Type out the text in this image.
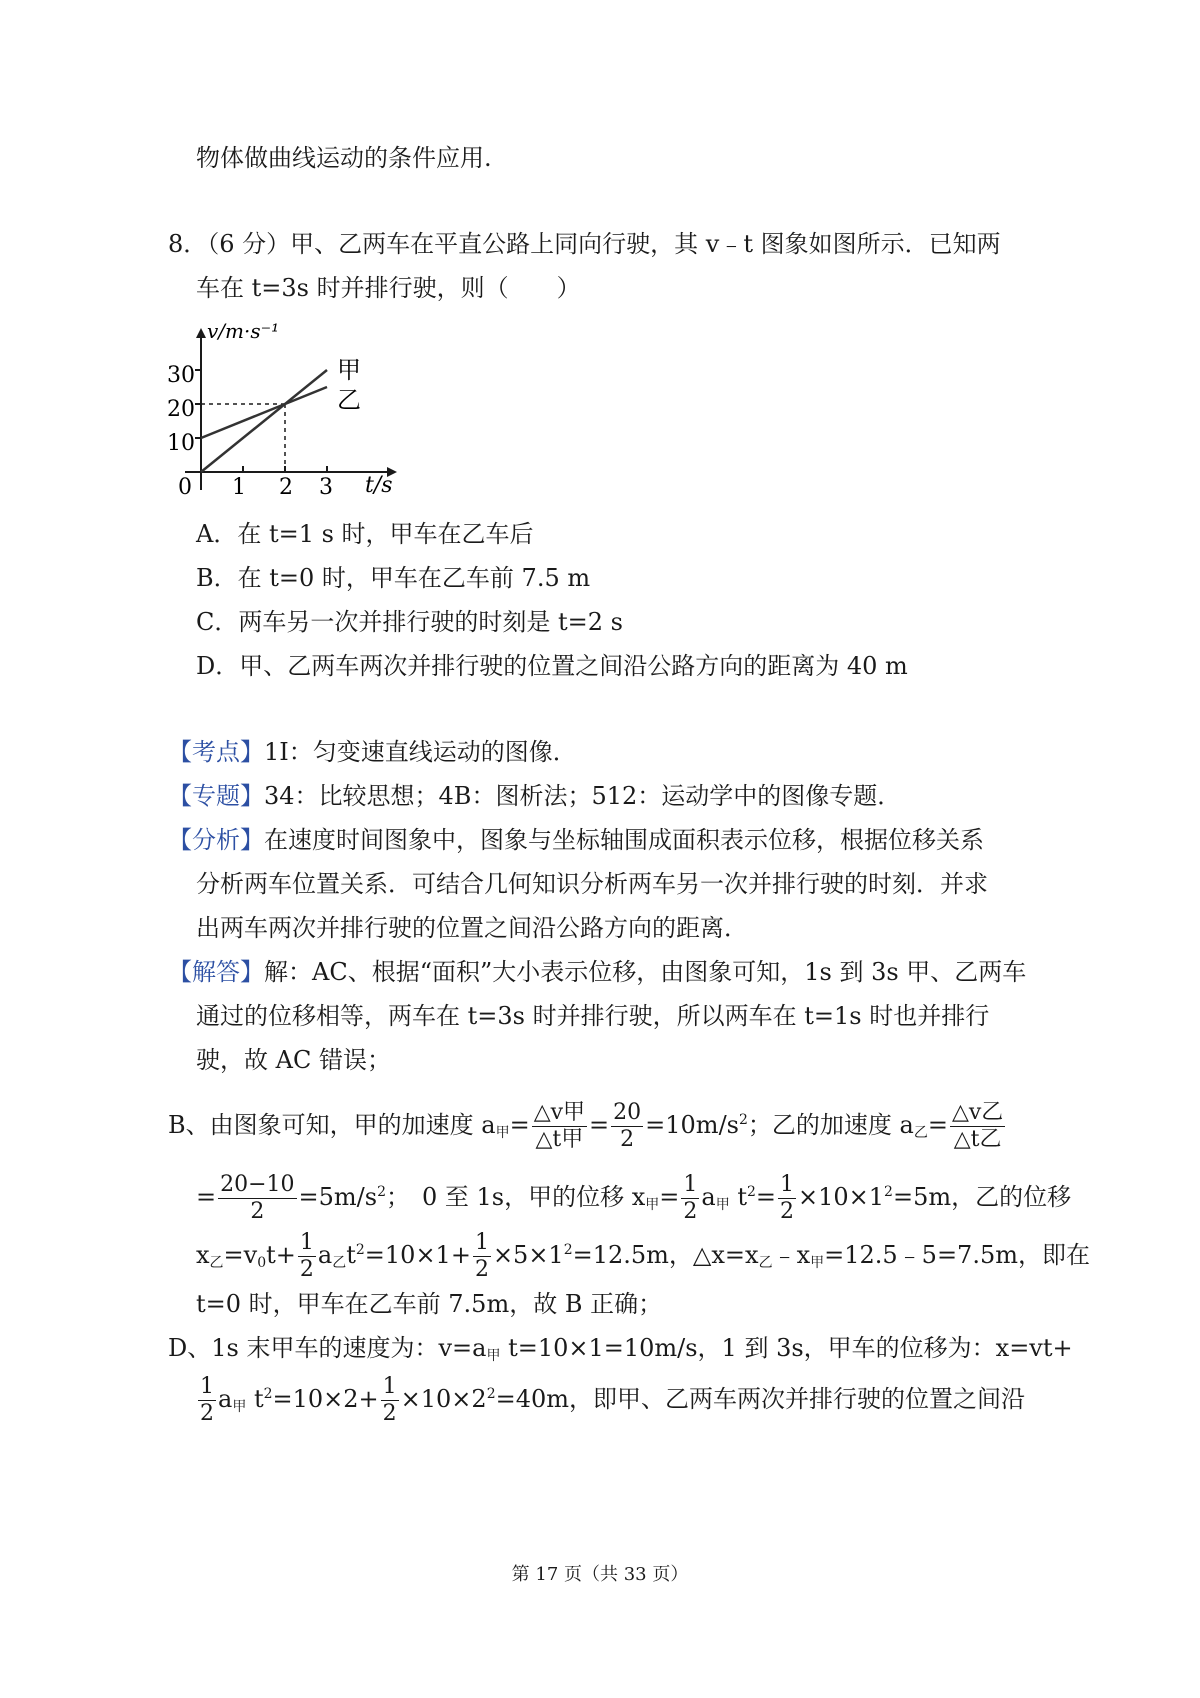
物体做曲线运动的条件应用.
8．（6 分）甲、乙两车在平直公路上同向行驶，其 v﹣t 图象如图所示．已知两
车在 t=3s 时并排行驶，则（　　）
v/m·s⁻¹
t/s
0
30
20
10
1 2 3
甲
乙
A．在 t=1 s 时，甲车在乙车后
B．在 t=0 时，甲车在乙车前 7.5 m
C．两车另一次并排行驶的时刻是 t=2 s
D．甲、乙两车两次并排行驶的位置之间沿公路方向的距离为 40 m
【考点】1I：匀变速直线运动的图像．
【专题】34：比较思想；4B：图析法；512：运动学中的图像专题．
【分析】在速度时间图象中，图象与坐标轴围成面积表示位移，根据位移关系
分析两车位置关系．可结合几何知识分析两车另一次并排行驶的时刻．并求
出两车两次并排行驶的位置之间沿公路方向的距离．
【解答】解：AC、根据“面积”大小表示位移，由图象可知，1s 到 3s 甲、乙两车
通过的位移相等，两车在 t=3s 时并排行驶，所以两车在 t=1s 时也并排行
驶，故 AC 错误；
B、由图象可知，甲的加速度 $a_甲= \frac{\text{△v甲}}{\text{△t甲}} = \frac{20}{2} =10m/s^2$；乙的加速度 $a_乙= \frac{\text{△v乙}}{\text{△t乙}}$
= $\frac{20-10}{2} =5m/s^2$；　0 至 1s，甲的位移 $x_甲= \frac{1}{2} a_甲$ $t^2= \frac{1}{2} \times 10\times 1^2=5m$，乙的位移
$x_乙=v_0t+ \frac{1}{2} a_乙t^2=10\times 1+ \frac{1}{2} \times 5\times 1^2=12.5m$，$\triangle x=x_乙﹣x_甲=12.5﹣5=7.5m$，即在
t=0 时，甲车在乙车前 7.5m，故 B 正确；
D、1s 末甲车的速度为：$v=a_甲$ t=10×1=10m/s，1 到 3s，甲车的位移为：x=vt+
$\frac{1}{2} a_甲$ $t^2=10\times 2+ \frac{1}{2} \times 10\times 2^2=40m$，即甲、乙两车两次并排行驶的位置之间沿
第 17 页（共 33 页）
